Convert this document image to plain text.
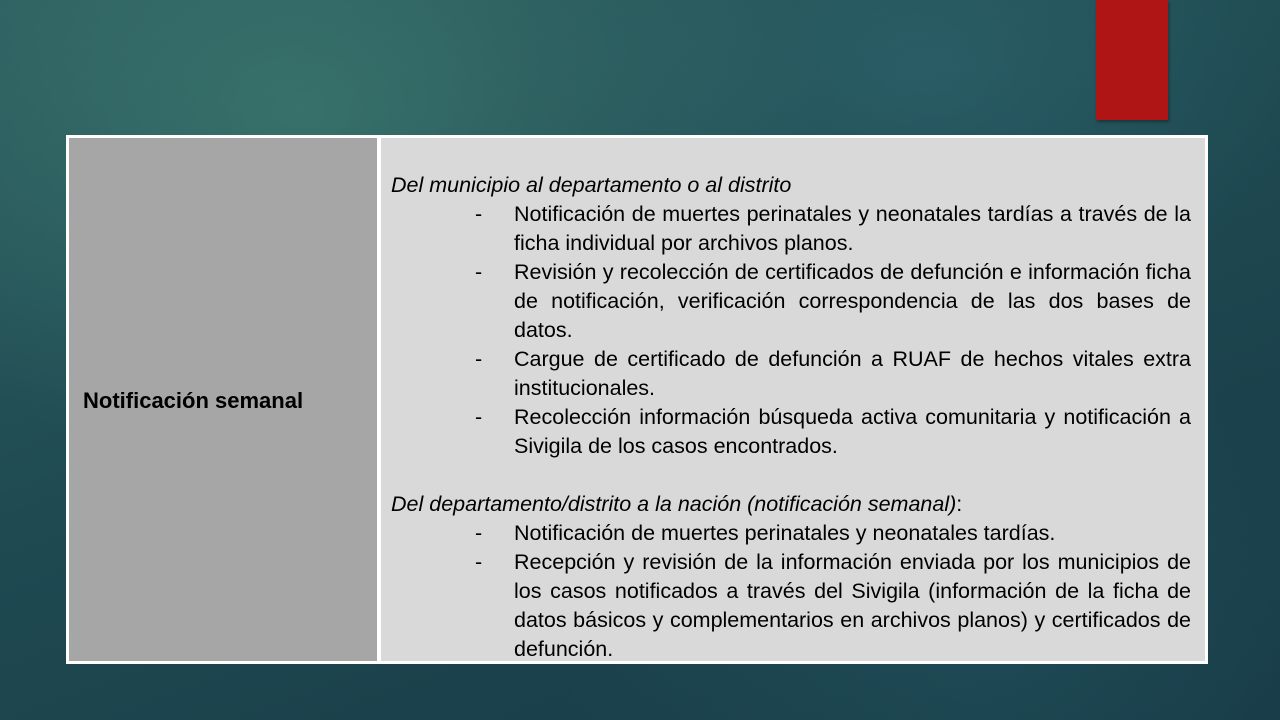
Notificación semanal

Del municipio al departamento o al distrito

- Notificación de muertes perinatales y neonatales tardías a través de la ficha individual por archivos planos.
- Revisión y recolección de certificados de defunción e información ficha de notificación, verificación correspondencia de las dos bases de datos.
- Cargue de certificado de defunción a RUAF de hechos vitales extra institucionales.
- Recolección información búsqueda activa comunitaria y notificación a Sivigila de los casos encontrados.

Del departamento/distrito a la nación (notificación semanal):

- Notificación de muertes perinatales y neonatales tardías.
- Recepción y revisión de la información enviada por los municipios de los casos notificados a través del Sivigila (información de la ficha de datos básicos y complementarios en archivos planos) y certificados de defunción.
